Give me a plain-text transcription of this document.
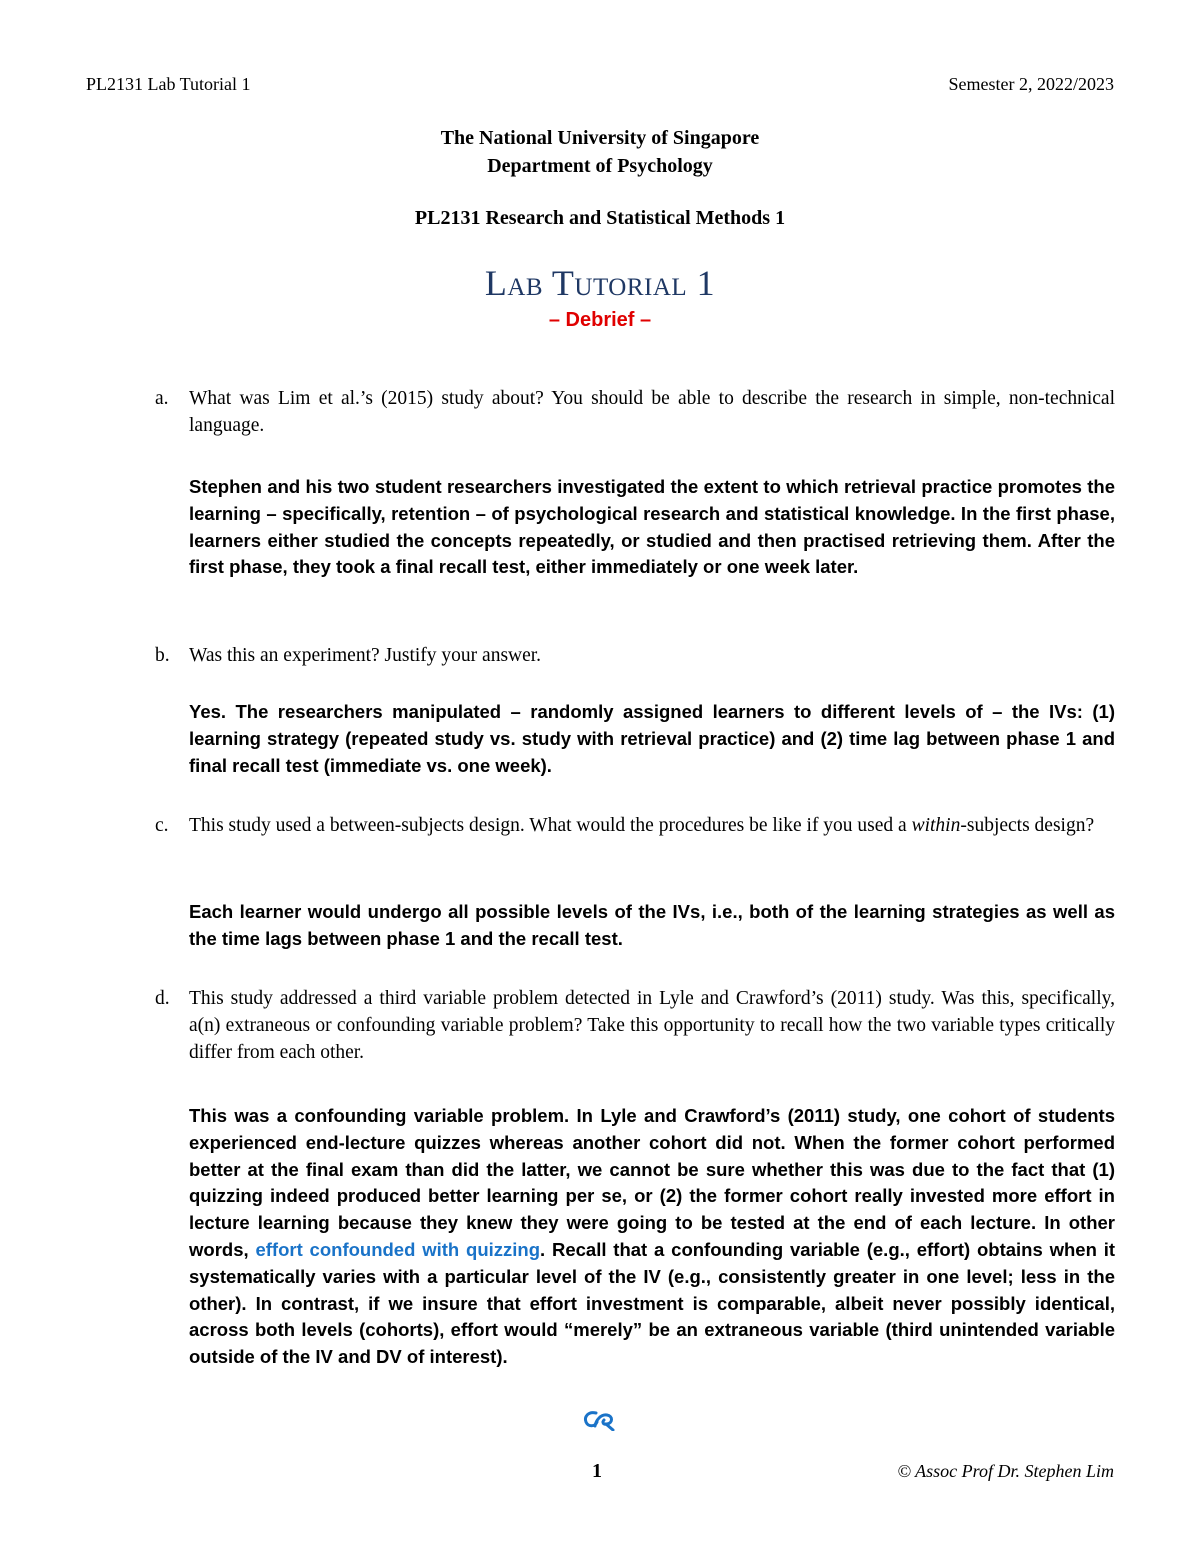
PL2131 Lab Tutorial 1	Semester 2, 2022/2023
The National University of Singapore
Department of Psychology
PL2131 Research and Statistical Methods 1
Lab Tutorial 1
– Debrief –
a. What was Lim et al.’s (2015) study about? You should be able to describe the research in simple, non-technical language.
Stephen and his two student researchers investigated the extent to which retrieval practice promotes the learning – specifically, retention – of psychological research and statistical knowledge. In the first phase, learners either studied the concepts repeatedly, or studied and then practised retrieving them. After the first phase, they took a final recall test, either immediately or one week later.
b. Was this an experiment? Justify your answer.
Yes. The researchers manipulated – randomly assigned learners to different levels of – the IVs: (1) learning strategy (repeated study vs. study with retrieval practice) and (2) time lag between phase 1 and final recall test (immediate vs. one week).
c. This study used a between-subjects design. What would the procedures be like if you used a within-subjects design?
Each learner would undergo all possible levels of the IVs, i.e., both of the learning strategies as well as the time lags between phase 1 and the recall test.
d. This study addressed a third variable problem detected in Lyle and Crawford’s (2011) study. Was this, specifically, a(n) extraneous or confounding variable problem? Take this opportunity to recall how the two variable types critically differ from each other.
This was a confounding variable problem. In Lyle and Crawford’s (2011) study, one cohort of students experienced end-lecture quizzes whereas another cohort did not. When the former cohort performed better at the final exam than did the latter, we cannot be sure whether this was due to the fact that (1) quizzing indeed produced better learning per se, or (2) the former cohort really invested more effort in lecture learning because they knew they were going to be tested at the end of each lecture. In other words, effort confounded with quizzing. Recall that a confounding variable (e.g., effort) obtains when it systematically varies with a particular level of the IV (e.g., consistently greater in one level; less in the other). In contrast, if we insure that effort investment is comparable, albeit never possibly identical, across both levels (cohorts), effort would “merely” be an extraneous variable (third unintended variable outside of the IV and DV of interest).
1	© Assoc Prof Dr. Stephen Lim
